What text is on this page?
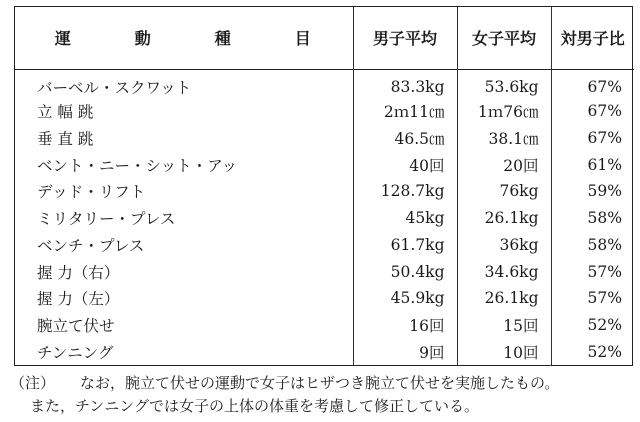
運　動　種　目	男子平均	女子平均	対男子比
バーベル・スクワット	83.3kg	53.6kg	67%
立 幅 跳	2ｍ11㎝	1ｍ76㎝	67%
垂 直 跳	46.5㎝	38.1㎝	67%
ベント・ニー・シット・アッ	40回	20回	61%
デッド・リフト	128.7kg	76kg	59%
ミリタリー・プレス	45kg	26.1kg	58%
ベンチ・プレス	61.7kg	36kg	58%
握 力（右）	50.4kg	34.6kg	57%
握 力（左）	45.9kg	26.1kg	57%
腕立て伏せ	16回	15回	52%
チンニング	9回	10回	52%
（注） なお，腕立て伏せの運動で女子はヒザつき腕立て伏せを実施したもの。
また，チンニングでは女子の上体の体重を考慮して修正している。
